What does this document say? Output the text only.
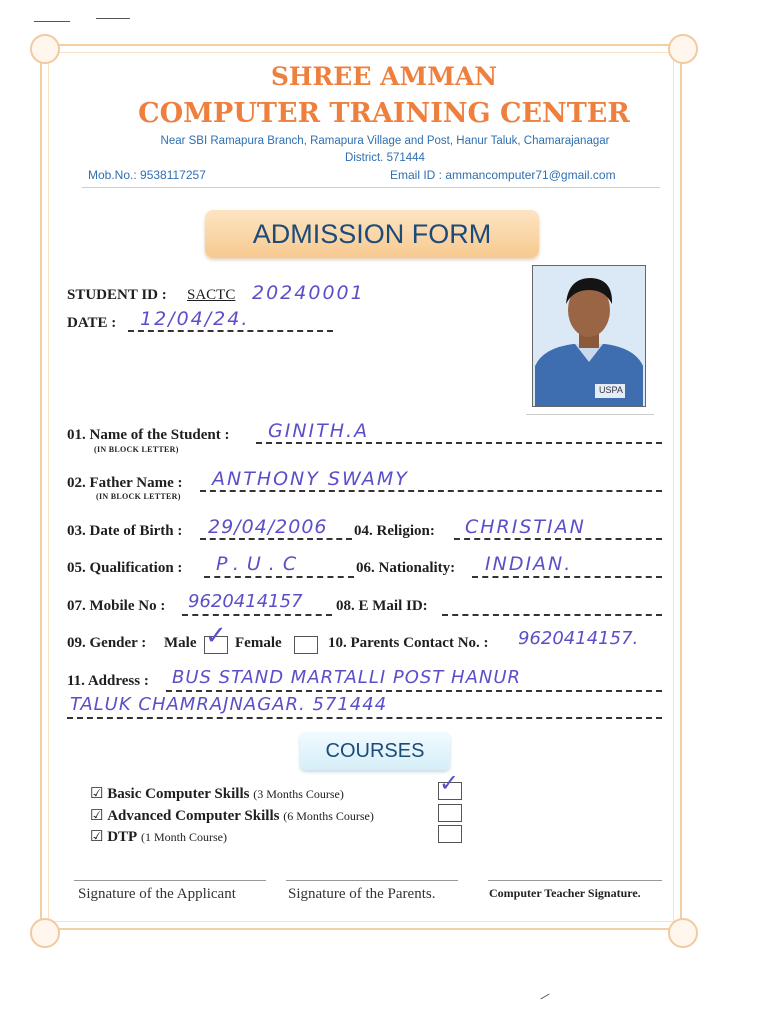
SHREE AMMAN
COMPUTER TRAINING CENTER
Near SBI Ramapura Branch, Ramapura Village and Post, Hanur Taluk, Chamarajanagar
District. 571444
Mob.No.: 9538117257	Email ID : ammancomputer71@gmail.com
ADMISSION FORM
STUDENT ID : SACTC 20240001
DATE : 12/04/24.
USPA
01. Name of the Student :
(IN BLOCK LETTER)
GINITH.A
02. Father Name :
(IN BLOCK LETTER)
ANTHONY SWAMY
03. Date of Birth : 29/04/2006 04. Religion: CHRISTIAN
05. Qualification : P.U.C	06. Nationality: INDIAN.
07. Mobile No : 9620414157 08. E Mail ID:
09. Gender : Male ✓ Female	10. Parents Contact No. : 9620414157.
11. Address : BUS STAND MARTALLI POST HANUR
TALUK CHAMRAJNAGAR. 571444
COURSES
☑ Basic Computer Skills (3 Months Course)	✓
☑ Advanced Computer Skills (6 Months Course)
☑ DTP (1 Month Course)
Signature of the Applicant	Signature of the Parents.	Computer Teacher Signature.
